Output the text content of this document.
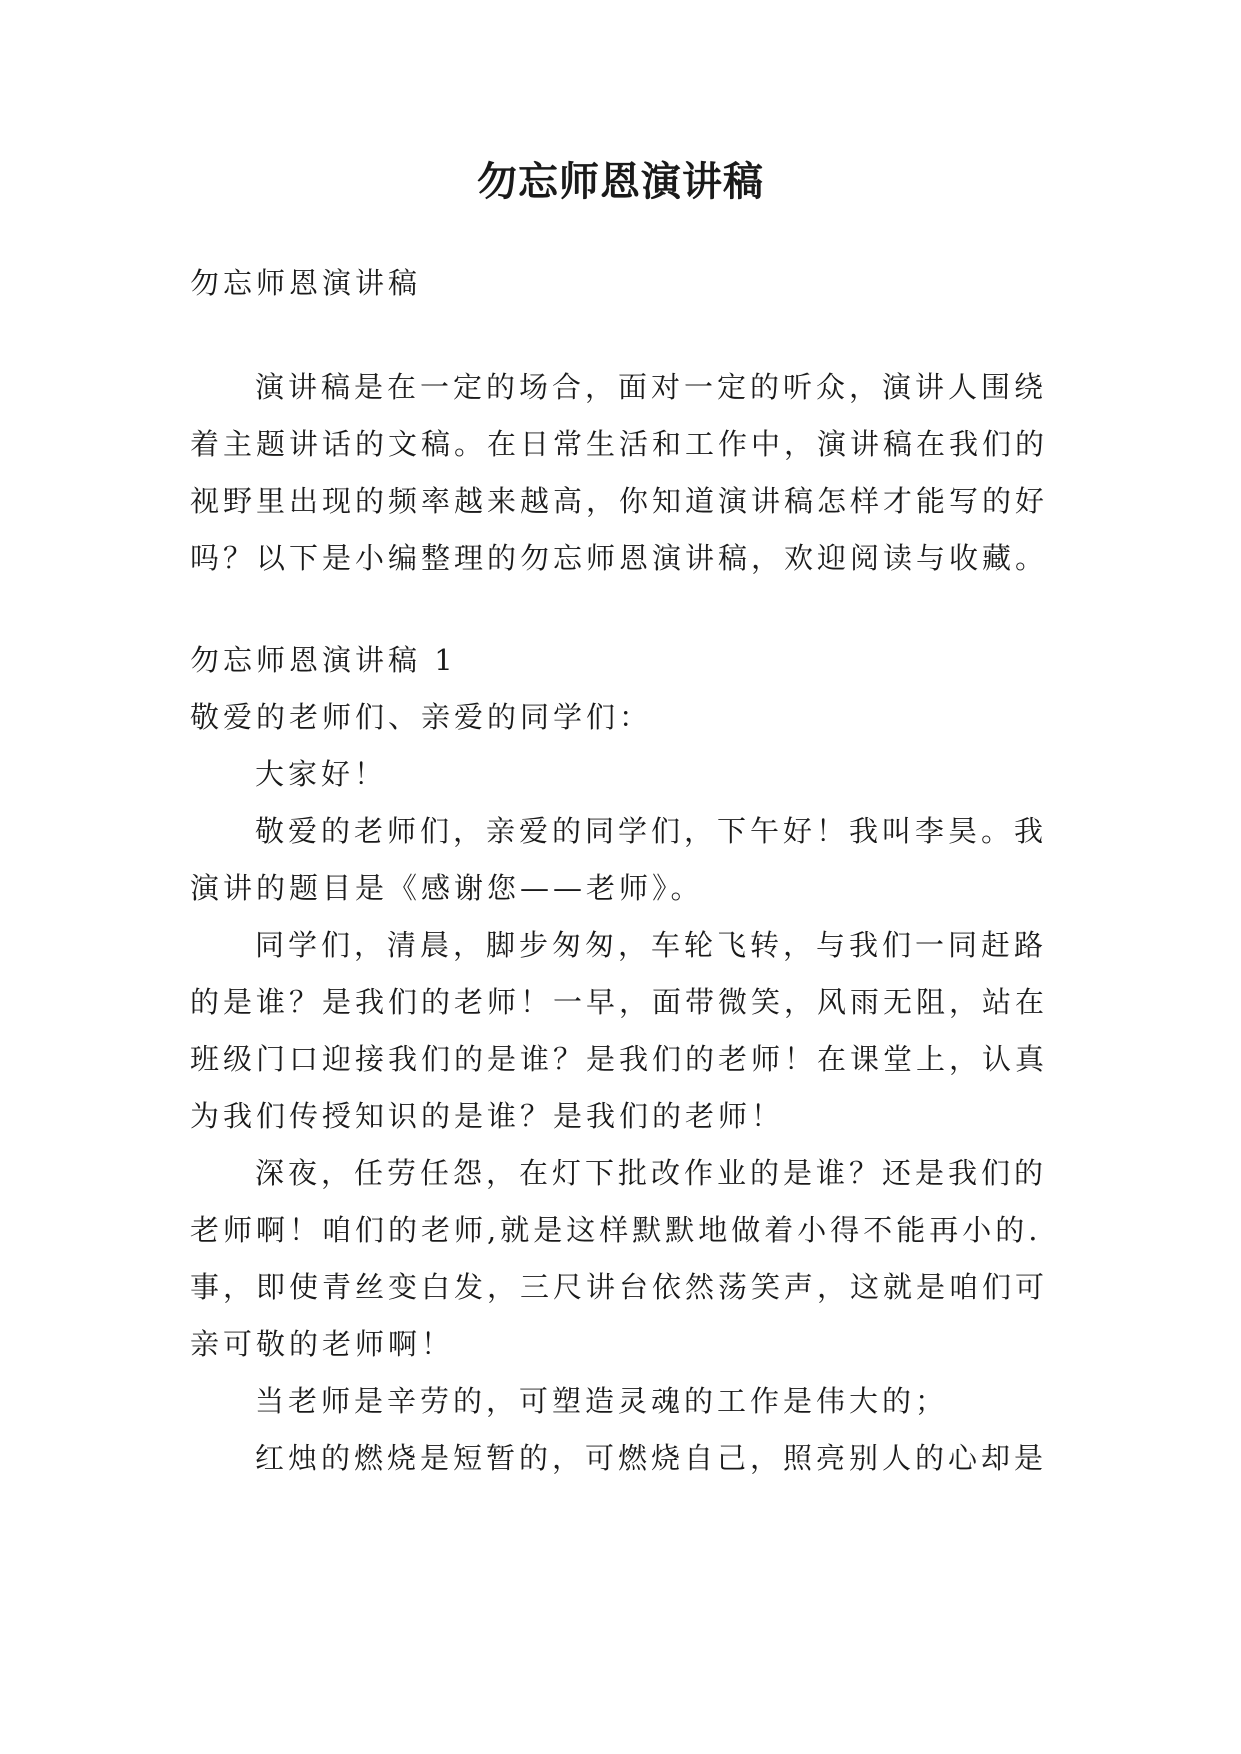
勿忘师恩演讲稿
勿忘师恩演讲稿
演讲稿是在一定的场合，面对一定的听众，演讲人围绕
着主题讲话的文稿。在日常生活和工作中，演讲稿在我们的
视野里出现的频率越来越高，你知道演讲稿怎样才能写的好
吗？以下是小编整理的勿忘师恩演讲稿，欢迎阅读与收藏。
勿忘师恩演讲稿 1
敬爱的老师们、亲爱的同学们：
大家好！
敬爱的老师们，亲爱的同学们，下午好！我叫李昊。我
演讲的题目是《感谢您——老师》。
同学们，清晨，脚步匆匆，车轮飞转，与我们一同赶路
的是谁？是我们的老师！一早，面带微笑，风雨无阻，站在
班级门口迎接我们的是谁？是我们的老师！在课堂上，认真
为我们传授知识的是谁？是我们的老师！
深夜，任劳任怨，在灯下批改作业的是谁？还是我们的
老师啊！咱们的老师,就是这样默默地做着小得不能再小的.
事，即使青丝变白发，三尺讲台依然荡笑声，这就是咱们可
亲可敬的老师啊！
当老师是辛劳的，可塑造灵魂的工作是伟大的；
红烛的燃烧是短暂的，可燃烧自己，照亮别人的心却是
